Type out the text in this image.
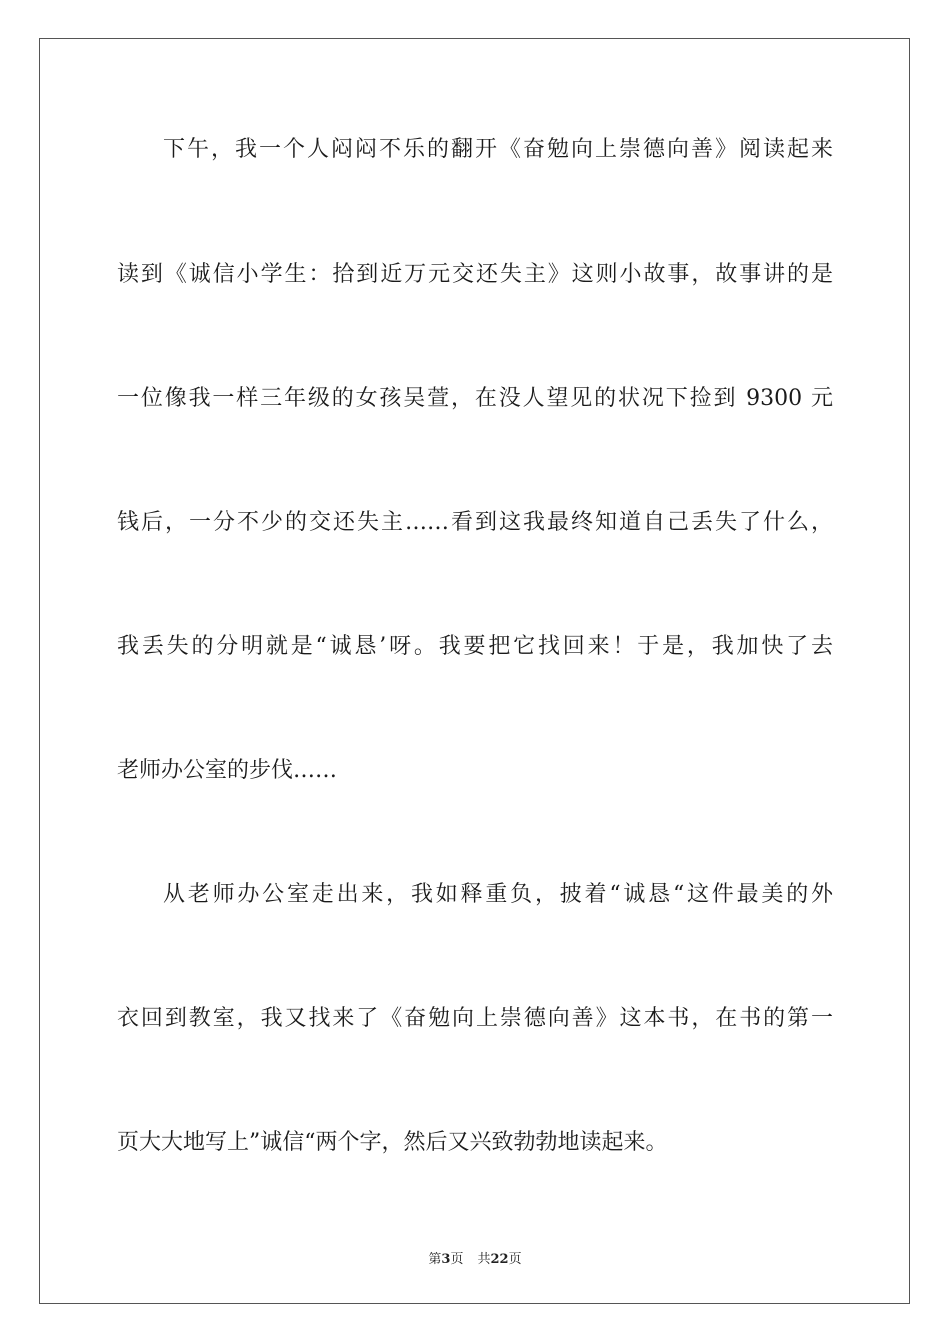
下午，我一个人闷闷不乐的翻开《奋勉向上崇德向善》阅读起来
读到《诚信小学生：拾到近万元交还失主》这则小故事，故事讲的是
一位像我一样三年级的女孩吴萱，在没人望见的状况下捡到 9300 元
钱后，一分不少的交还失主……看到这我最终知道自己丢失了什么，
我丢失的分明就是“诚恳’呀。我要把它找回来！于是，我加快了去
老师办公室的步伐……
从老师办公室走出来，我如释重负，披着“诚恳“这件最美的外
衣回到教室，我又找来了《奋勉向上崇德向善》这本书，在书的第一
页大大地写上”诚信“两个字，然后又兴致勃勃地读起来。
第3页 共22页
